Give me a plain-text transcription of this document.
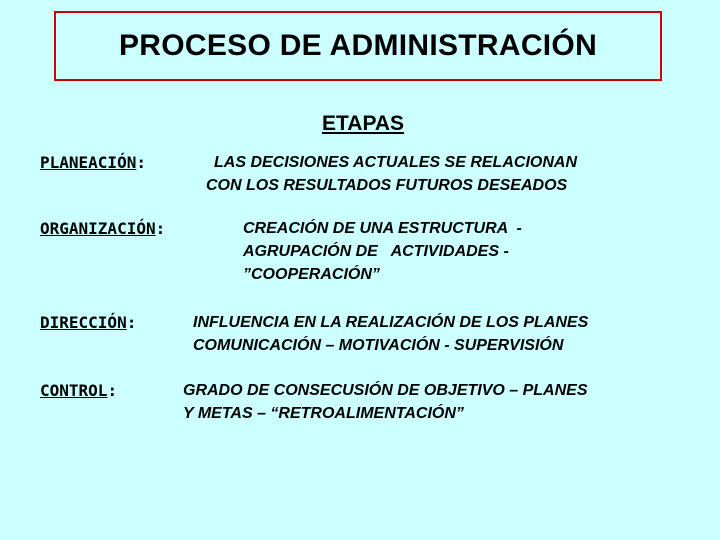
PROCESO DE ADMINISTRACIÓN
ETAPAS
PLANEACIÓN:	LAS DECISIONES ACTUALES SE RELACIONAN
CON LOS RESULTADOS FUTUROS DESEADOS
ORGANIZACIÓN:	CREACIÓN DE UNA ESTRUCTURA  -
AGRUPACIÓN DE   ACTIVIDADES -
”COOPERACIÓN”
DIRECCIÓN:	INFLUENCIA EN LA REALIZACIÓN DE LOS PLANES
COMUNICACIÓN – MOTIVACIÓN - SUPERVISIÓN
CONTROL:	GRADO DE CONSECUSIÓN DE OBJETIVO – PLANES
Y METAS – “RETROALIMENTACIÓN”
